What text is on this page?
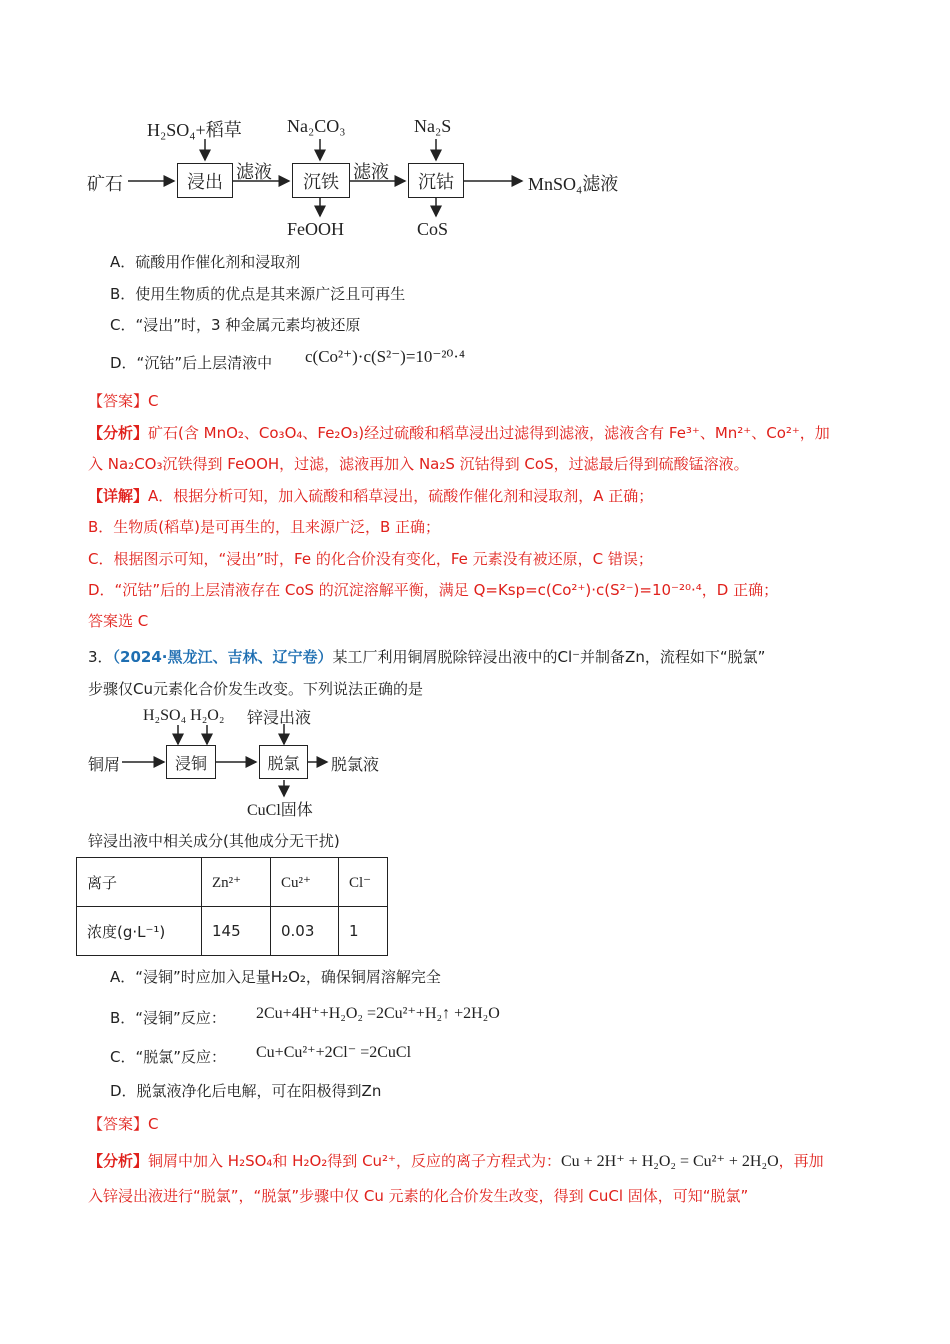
矿石
H₂SO₄+稻草
浸出 滤液
Na₂CO₃
沉铁 滤液
Na₂S
沉钴	MnSO₄滤液
FeOOH	CoS
A．硫酸用作催化剂和浸取剂
B．使用生物质的优点是其来源广泛且可再生
C．“浸出”时，3 种金属元素均被还原
D．“沉钴”后上层清液中 c(Co²⁺)·c(S²⁻)=10⁻²⁰·⁴
【答案】C
【分析】矿石(含 MnO₂、Co₃O₄、Fe₂O₃)经过硫酸和稻草浸出过滤得到滤液，滤液含有 Fe³⁺、Mn²⁺、Co²⁺，加
入 Na₂CO₃沉铁得到 FeOOH，过滤，滤液再加入 Na₂S 沉钴得到 CoS，过滤最后得到硫酸锰溶液。
【详解】A．根据分析可知，加入硫酸和稻草浸出，硫酸作催化剂和浸取剂，A 正确；
B．生物质(稻草)是可再生的，且来源广泛，B 正确；
C．根据图示可知，“浸出”时，Fe 的化合价没有变化，Fe 元素没有被还原，C 错误；
D．“沉钴”后的上层清液存在 CoS 的沉淀溶解平衡，满足 Q=Ksp=c(Co²⁺)·c(S²⁻)=10⁻²⁰·⁴，D 正确；
答案选 C
3．（2024·黑龙江、吉林、辽宁卷）某工厂利用铜屑脱除锌浸出液中的Cl⁻并制备Zn，流程如下“脱氯”
步骤仅Cu元素化合价发生改变。下列说法正确的是
H₂SO₄ H₂O₂ 锌浸出液
铜屑	浸铜	脱氯	脱氯液
CuCl固体
锌浸出液中相关成分(其他成分无干扰)
离子	Zn²⁺	Cu²⁺	Cl⁻
浓度(g·L⁻¹)	145	0.03	1
A．“浸铜”时应加入足量H₂O₂，确保铜屑溶解完全
B．“浸铜”反应： 2Cu+4H⁺+H₂O₂ =2Cu²⁺+H₂↑ +2H₂O
C．“脱氯”反应： Cu+Cu²⁺+2Cl⁻ =2CuCl
D．脱氯液净化后电解，可在阳极得到Zn
【答案】C
【分析】铜屑中加入 H₂SO₄和 H₂O₂得到 Cu²⁺，反应的离子方程式为：Cu + 2H⁺ + H₂O₂ = Cu²⁺ + 2H₂O，再加
入锌浸出液进行“脱氯”，“脱氯”步骤中仅 Cu 元素的化合价发生改变，得到 CuCl 固体，可知“脱氯”
